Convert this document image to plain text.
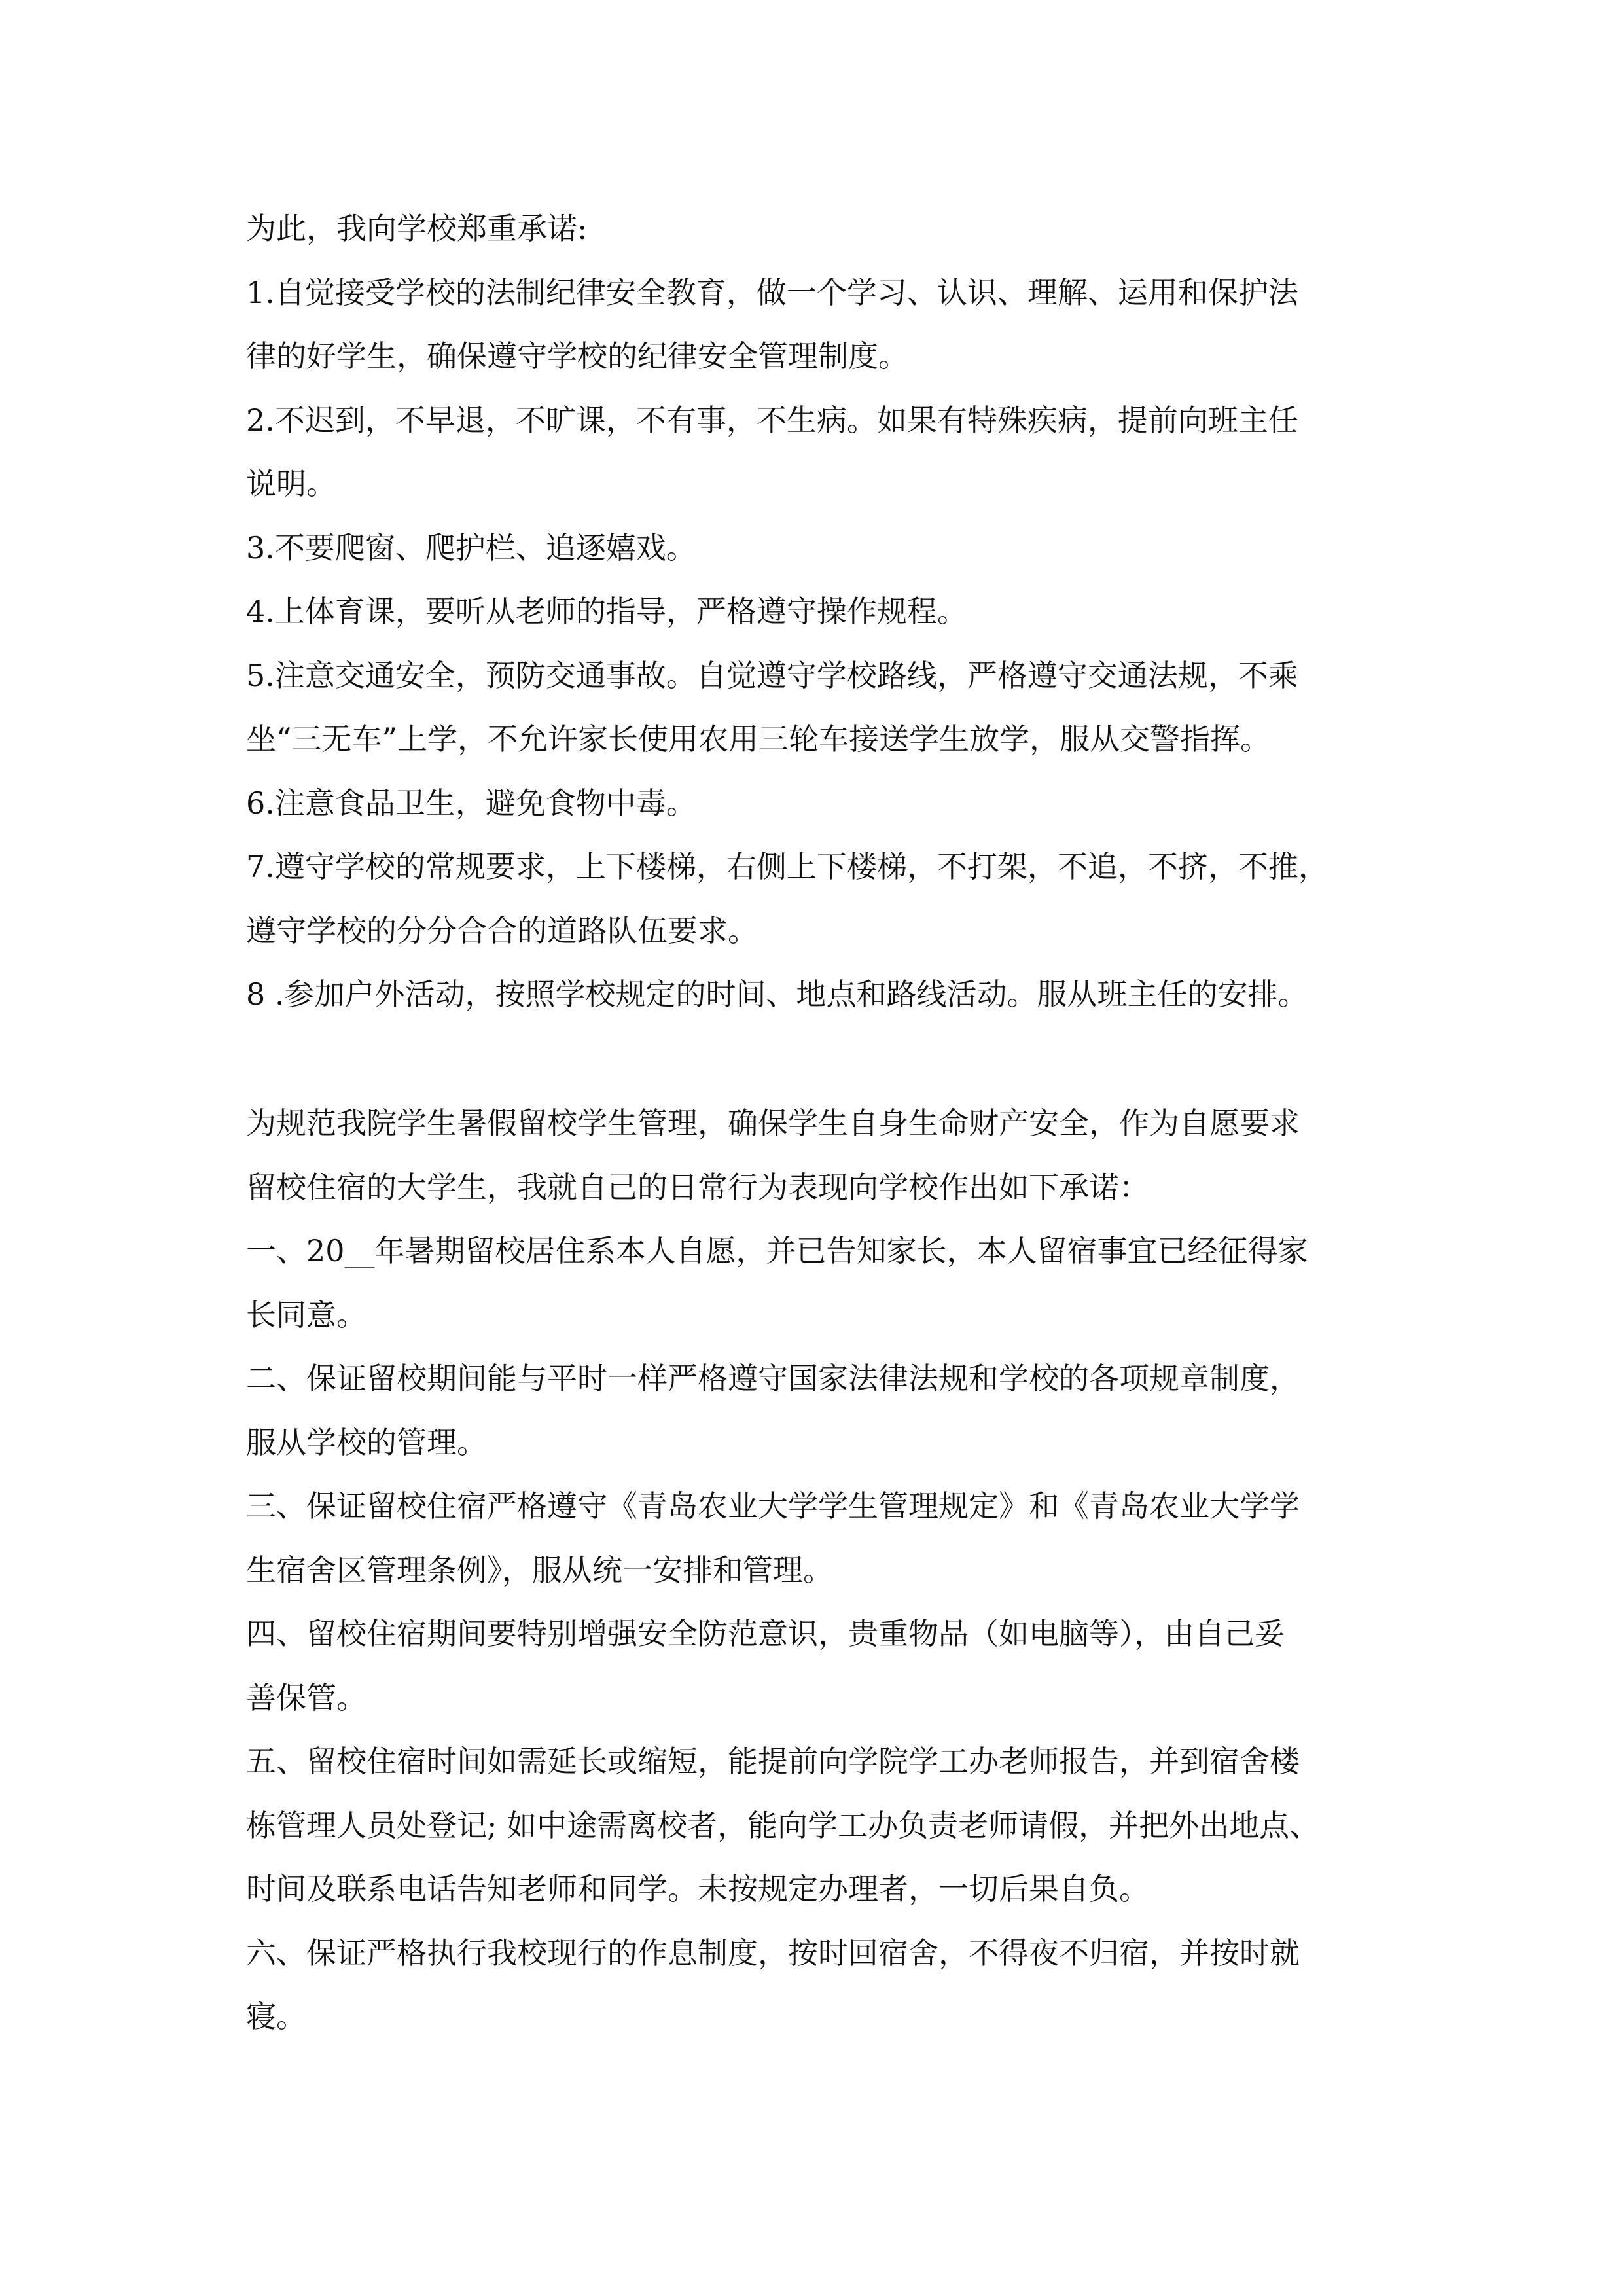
为此，我向学校郑重承诺:
1.自觉接受学校的法制纪律安全教育，做一个学习、认识、理解、运用和保护法
律的好学生，确保遵守学校的纪律安全管理制度。
2.不迟到，不早退，不旷课，不有事，不生病。如果有特殊疾病，提前向班主任
说明。
3.不要爬窗、爬护栏、追逐嬉戏。
4.上体育课，要听从老师的指导，严格遵守操作规程。
5.注意交通安全，预防交通事故。自觉遵守学校路线，严格遵守交通法规，不乘
坐“三无车”上学，不允许家长使用农用三轮车接送学生放学，服从交警指挥。
6.注意食品卫生，避免食物中毒。
7.遵守学校的常规要求，上下楼梯，右侧上下楼梯，不打架，不追，不挤，不推，
遵守学校的分分合合的道路队伍要求。
8 .参加户外活动，按照学校规定的时间、地点和路线活动。服从班主任的安排。
为规范我院学生暑假留校学生管理，确保学生自身生命财产安全，作为自愿要求
留校住宿的大学生，我就自己的日常行为表现向学校作出如下承诺：
一、20__年暑期留校居住系本人自愿，并已告知家长，本人留宿事宜已经征得家
长同意。
二、保证留校期间能与平时一样严格遵守国家法律法规和学校的各项规章制度，
服从学校的管理。
三、保证留校住宿严格遵守《青岛农业大学学生管理规定》和《青岛农业大学学
生宿舍区管理条例》，服从统一安排和管理。
四、留校住宿期间要特别增强安全防范意识，贵重物品（如电脑等），由自己妥
善保管。
五、留校住宿时间如需延长或缩短，能提前向学院学工办老师报告，并到宿舍楼
栋管理人员处登记; 如中途需离校者，能向学工办负责老师请假，并把外出地点、
时间及联系电话告知老师和同学。未按规定办理者，一切后果自负。
六、保证严格执行我校现行的作息制度，按时回宿舍，不得夜不归宿，并按时就
寝。
